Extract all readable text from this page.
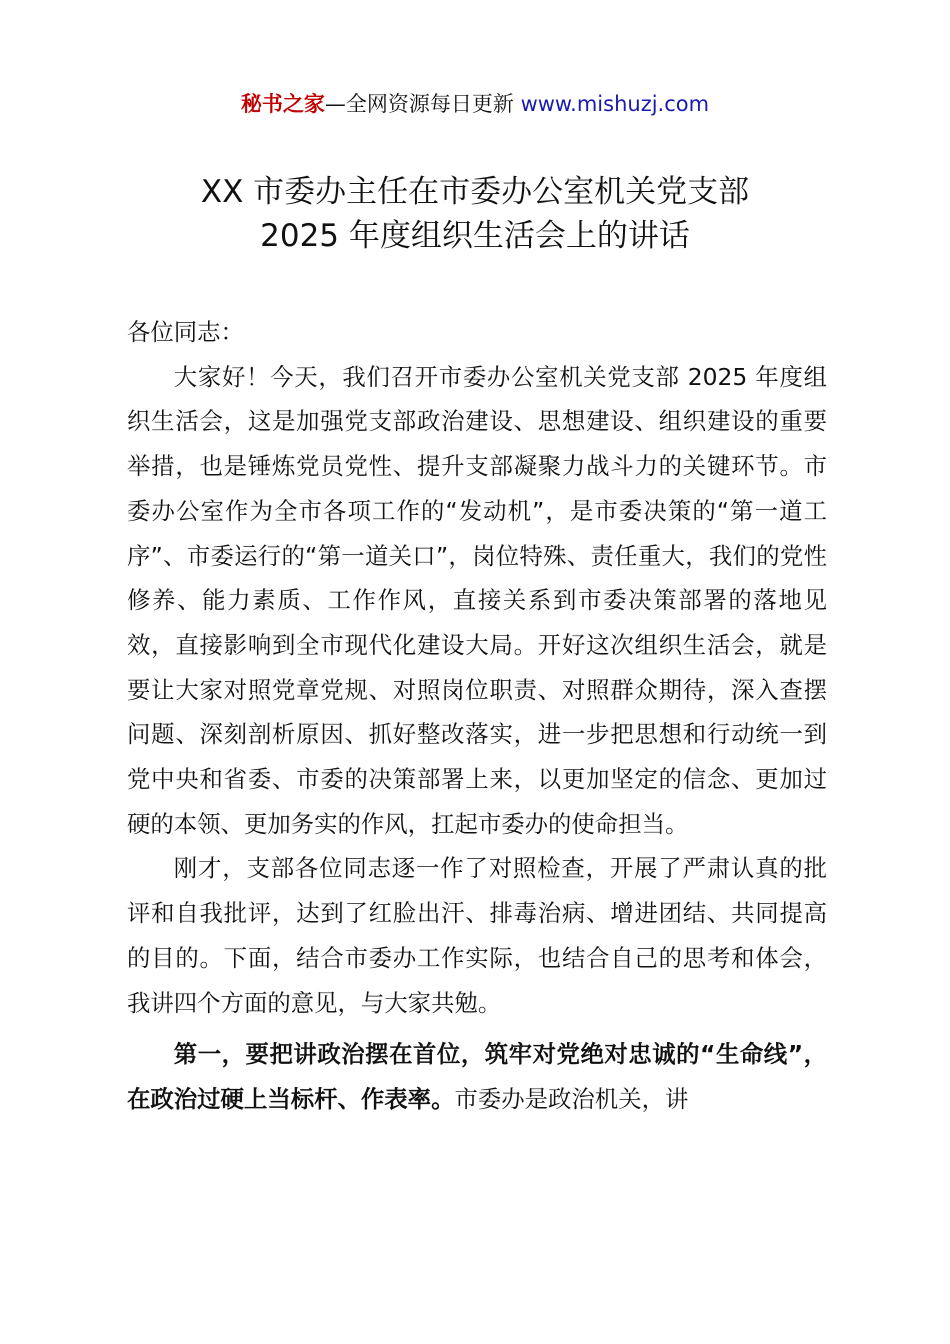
秘书之家—全网资源每日更新 www.mishuzj.com
XX 市委办主任在市委办公室机关党支部
2025 年度组织生活会上的讲话

各位同志：

大家好！今天，我们召开市委办公室机关党支部 2025 年度组织生活会，这是加强党支部政治建设、思想建设、组织建设的重要举措，也是锤炼党员党性、提升支部凝聚力战斗力的关键环节。市委办公室作为全市各项工作的“发动机”，是市委决策的“第一道工序”、市委运行的“第一道关口”，岗位特殊、责任重大，我们的党性修养、能力素质、工作作风，直接关系到市委决策部署的落地见效，直接影响到全市现代化建设大局。开好这次组织生活会，就是要让大家对照党章党规、对照岗位职责、对照群众期待，深入查摆问题、深刻剖析原因、抓好整改落实，进一步把思想和行动统一到党中央和省委、市委的决策部署上来，以更加坚定的信念、更加过硬的本领、更加务实的作风，扛起市委办的使命担当。

刚才，支部各位同志逐一作了对照检查，开展了严肃认真的批评和自我批评，达到了红脸出汗、排毒治病、增进团结、共同提高的目的。下面，结合市委办工作实际，也结合自己的思考和体会，我讲四个方面的意见，与大家共勉。

第一，要把讲政治摆在首位，筑牢对党绝对忠诚的“生命线”，在政治过硬上当标杆、作表率。市委办是政治机关，讲
